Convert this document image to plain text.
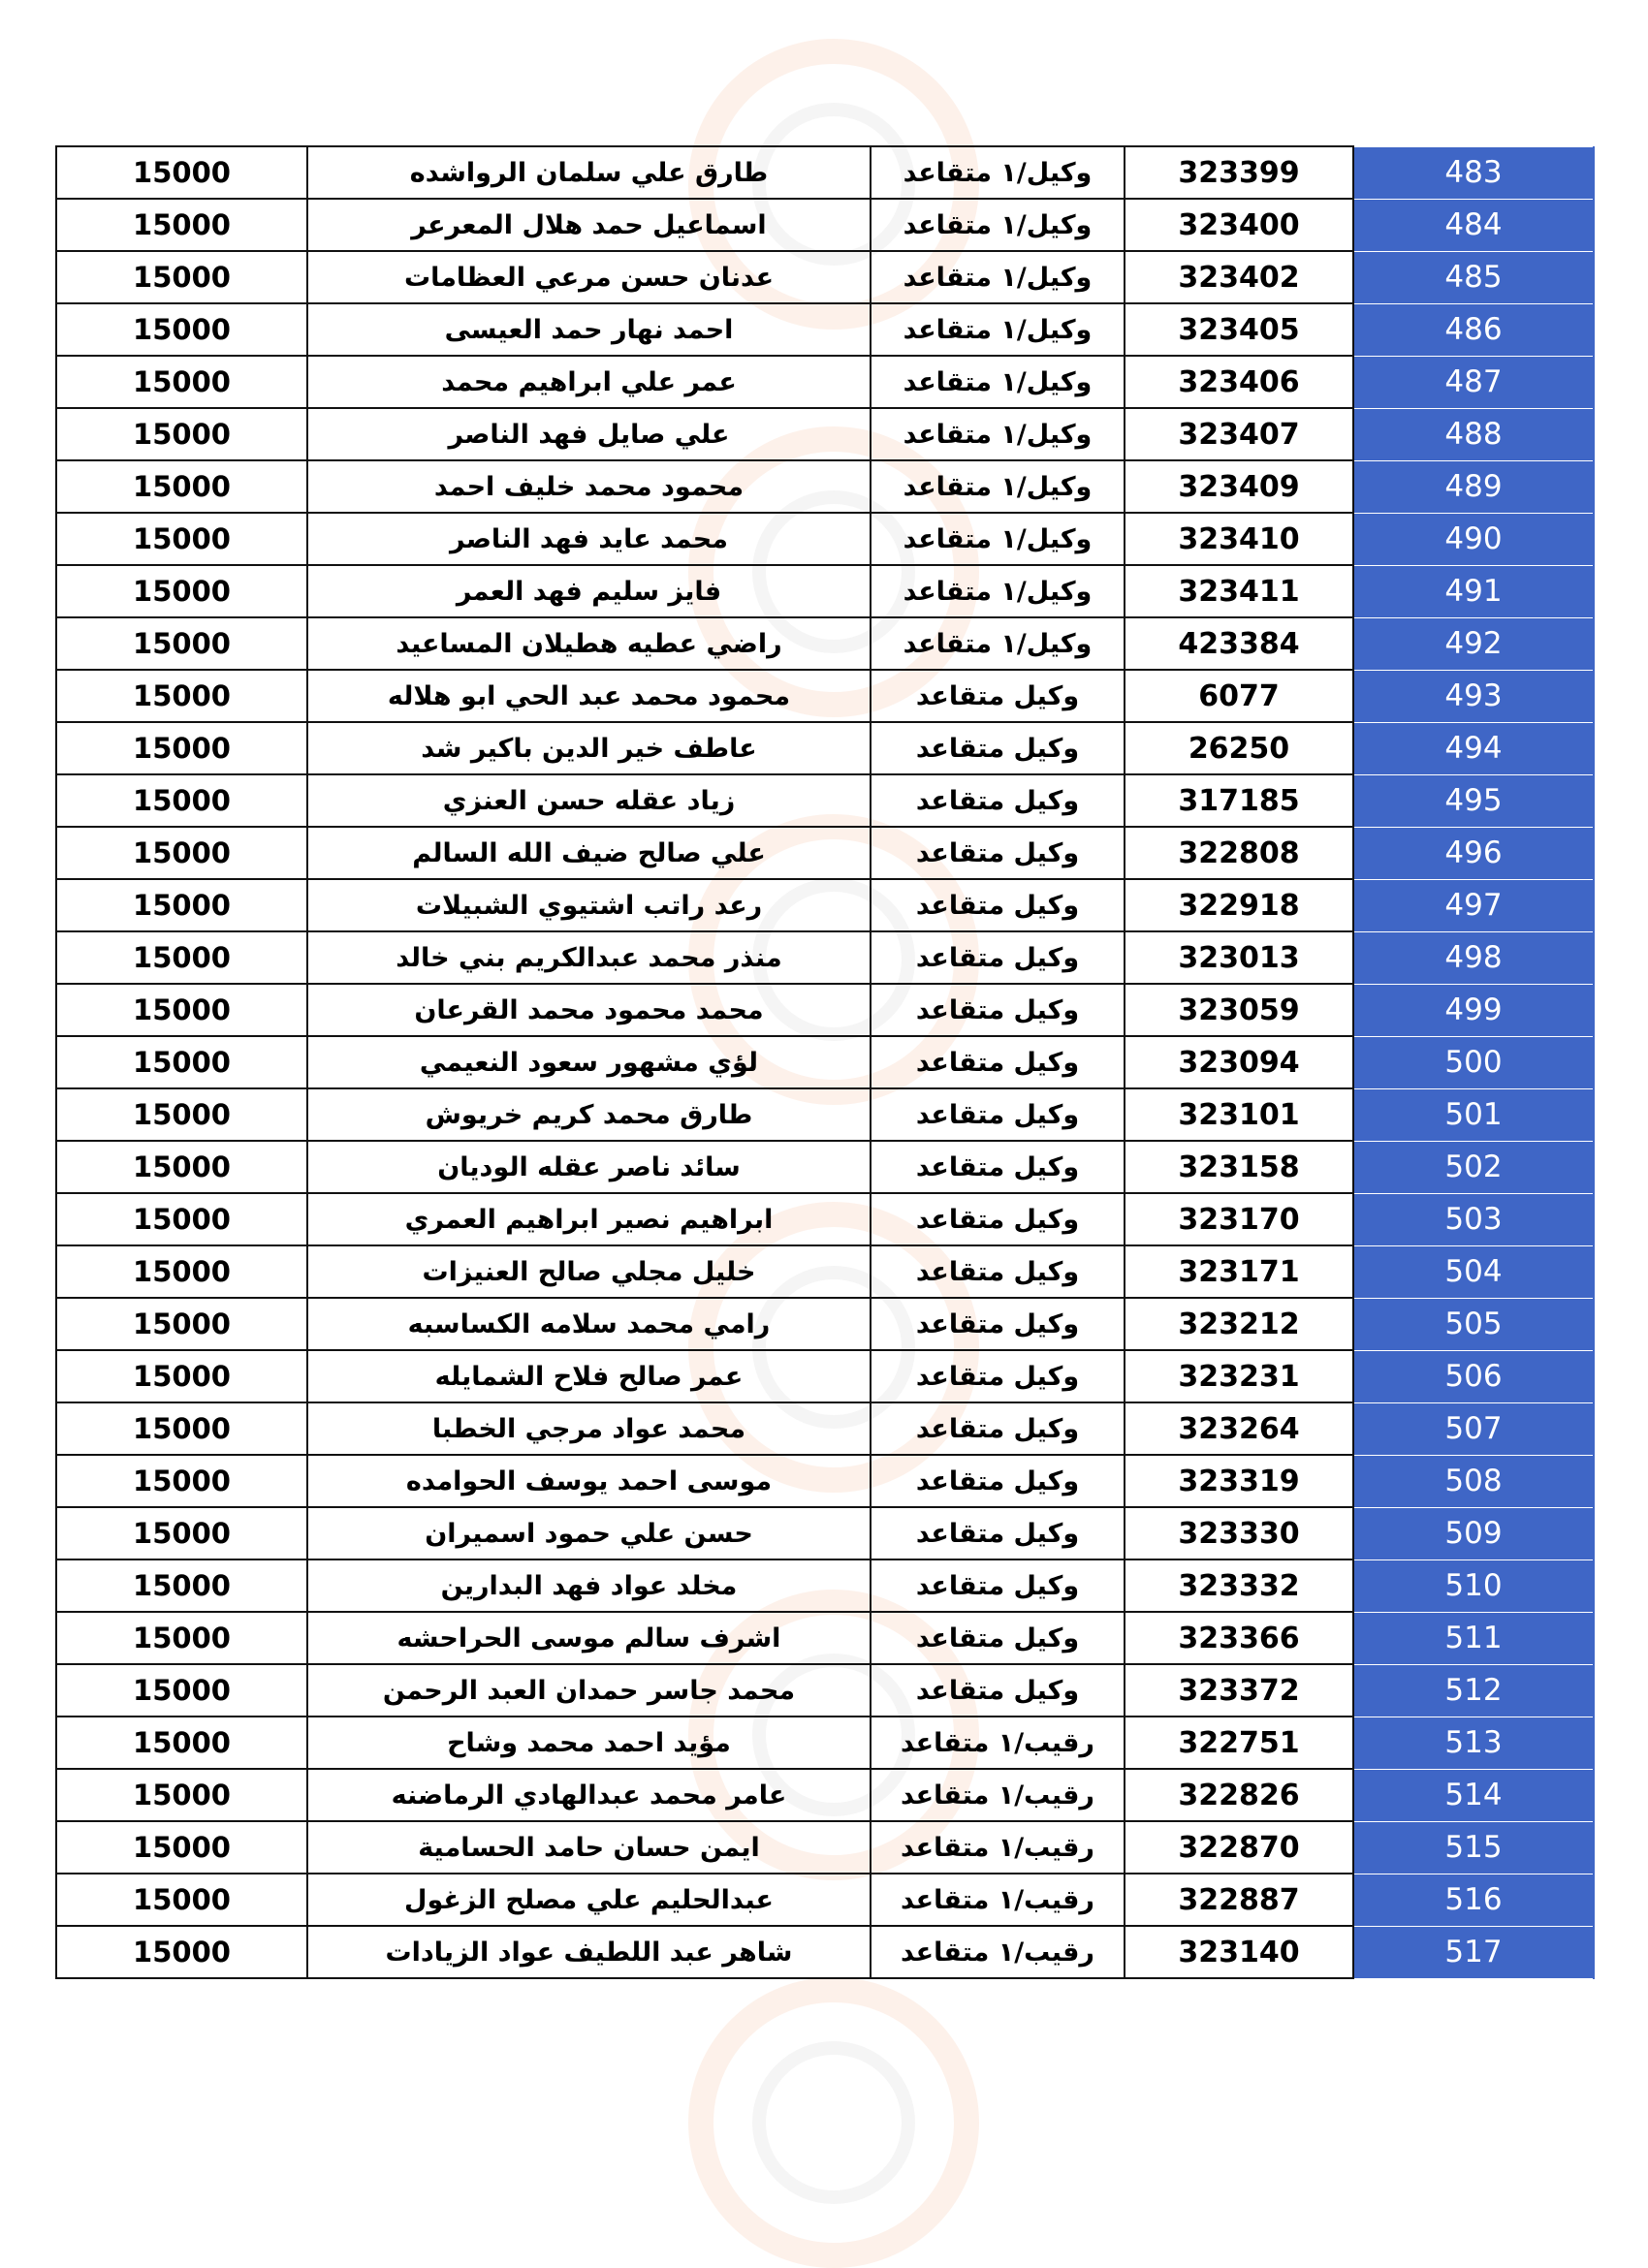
15000	طارق علي سلمان الرواشده	وكيل/١ متقاعد	323399	483
15000	اسماعيل حمد هلال المعرعر	وكيل/١ متقاعد	323400	484
15000	عدنان حسن مرعي العظامات	وكيل/١ متقاعد	323402	485
15000	احمد نهار حمد العيسى	وكيل/١ متقاعد	323405	486
15000	عمر علي ابراهيم محمد	وكيل/١ متقاعد	323406	487
15000	علي صايل فهد الناصر	وكيل/١ متقاعد	323407	488
15000	محمود محمد خليف احمد	وكيل/١ متقاعد	323409	489
15000	محمد عايد فهد الناصر	وكيل/١ متقاعد	323410	490
15000	فايز سليم فهد العمر	وكيل/١ متقاعد	323411	491
15000	راضي عطيه هطيلان المساعيد	وكيل/١ متقاعد	423384	492
15000	محمود محمد عبد الحي ابو هلاله	وكيل متقاعد	6077	493
15000	عاطف خير الدين باكير شد	وكيل متقاعد	26250	494
15000	زياد عقله حسن العنزي	وكيل متقاعد	317185	495
15000	علي صالح ضيف الله السالم	وكيل متقاعد	322808	496
15000	رعد راتب اشتيوي الشبيلات	وكيل متقاعد	322918	497
15000	منذر محمد عبدالكريم بني خالد	وكيل متقاعد	323013	498
15000	محمد محمود محمد القرعان	وكيل متقاعد	323059	499
15000	لؤي مشهور سعود النعيمي	وكيل متقاعد	323094	500
15000	طارق محمد كريم خريوش	وكيل متقاعد	323101	501
15000	سائد ناصر عقله الوديان	وكيل متقاعد	323158	502
15000	ابراهيم نصير ابراهيم العمري	وكيل متقاعد	323170	503
15000	خليل مجلي صالح العنيزات	وكيل متقاعد	323171	504
15000	رامي محمد سلامه الكساسبه	وكيل متقاعد	323212	505
15000	عمر صالح فلاح الشمايله	وكيل متقاعد	323231	506
15000	محمد عواد مرجي الخطبا	وكيل متقاعد	323264	507
15000	موسى احمد يوسف الحوامده	وكيل متقاعد	323319	508
15000	حسن علي حمود اسميران	وكيل متقاعد	323330	509
15000	مخلد عواد فهد البدارين	وكيل متقاعد	323332	510
15000	اشرف سالم موسى الحراحشه	وكيل متقاعد	323366	511
15000	محمد جاسر حمدان العبد الرحمن	وكيل متقاعد	323372	512
15000	مؤيد احمد محمد وشاح	رقيب/١ متقاعد	322751	513
15000	عامر محمد عبدالهادي الرماضنه	رقيب/١ متقاعد	322826	514
15000	ايمن حسان حامد الحسامية	رقيب/١ متقاعد	322870	515
15000	عبدالحليم علي مصلح الزغول	رقيب/١ متقاعد	322887	516
15000	شاهر عبد اللطيف عواد الزيادات	رقيب/١ متقاعد	323140	517
